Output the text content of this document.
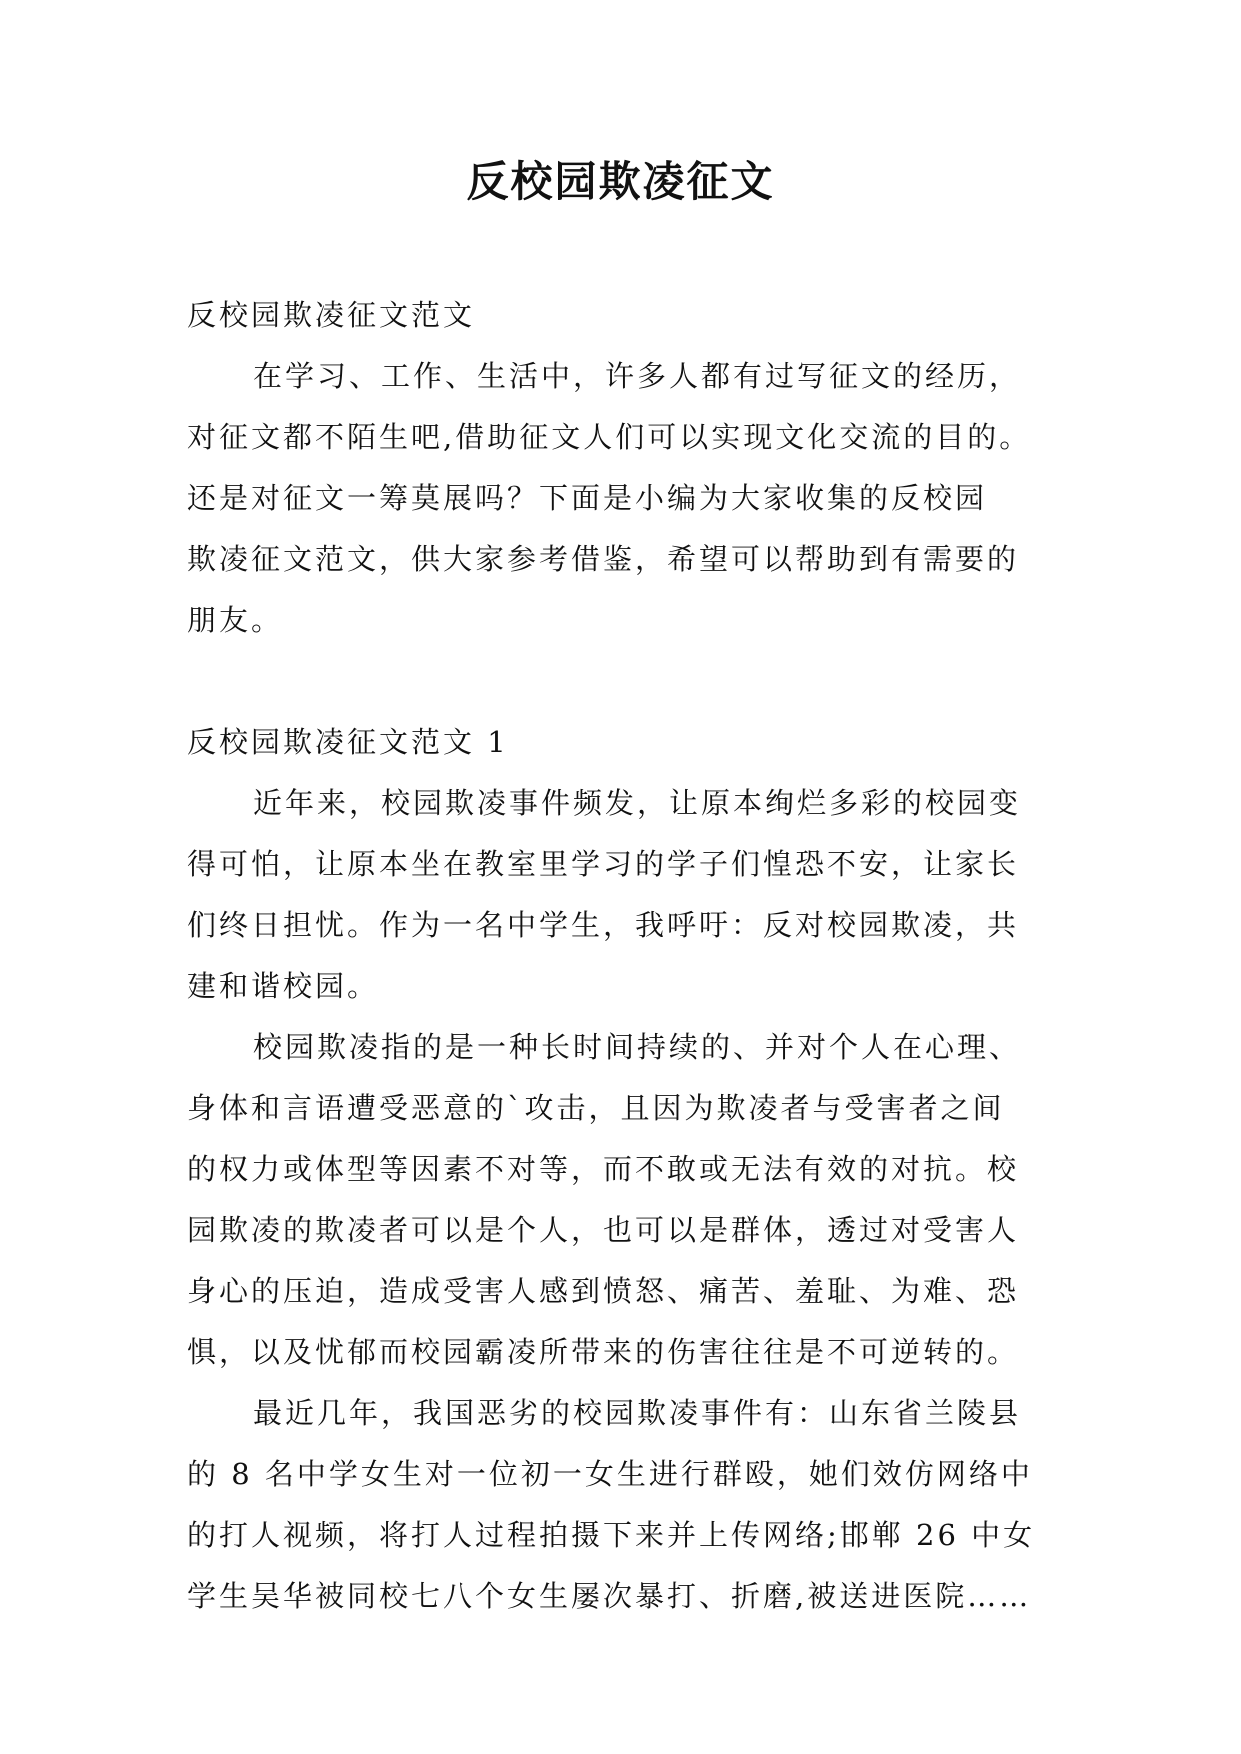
反校园欺凌征文
反校园欺凌征文范文
在学习、工作、生活中，许多人都有过写征文的经历，
对征文都不陌生吧,借助征文人们可以实现文化交流的目的。
还是对征文一筹莫展吗？下面是小编为大家收集的反校园
欺凌征文范文，供大家参考借鉴，希望可以帮助到有需要的
朋友。
反校园欺凌征文范文 1
近年来，校园欺凌事件频发，让原本绚烂多彩的校园变
得可怕，让原本坐在教室里学习的学子们惶恐不安，让家长
们终日担忧。作为一名中学生，我呼吁：反对校园欺凌，共
建和谐校园。
校园欺凌指的是一种长时间持续的、并对个人在心理、
身体和言语遭受恶意的`攻击，且因为欺凌者与受害者之间
的权力或体型等因素不对等，而不敢或无法有效的对抗。校
园欺凌的欺凌者可以是个人，也可以是群体，透过对受害人
身心的压迫，造成受害人感到愤怒、痛苦、羞耻、为难、恐
惧，以及忧郁而校园霸凌所带来的伤害往往是不可逆转的。
最近几年，我国恶劣的校园欺凌事件有：山东省兰陵县
的 8 名中学女生对一位初一女生进行群殴，她们效仿网络中
的打人视频，将打人过程拍摄下来并上传网络;邯郸 26 中女
学生吴华被同校七八个女生屡次暴打、折磨,被送进医院……
